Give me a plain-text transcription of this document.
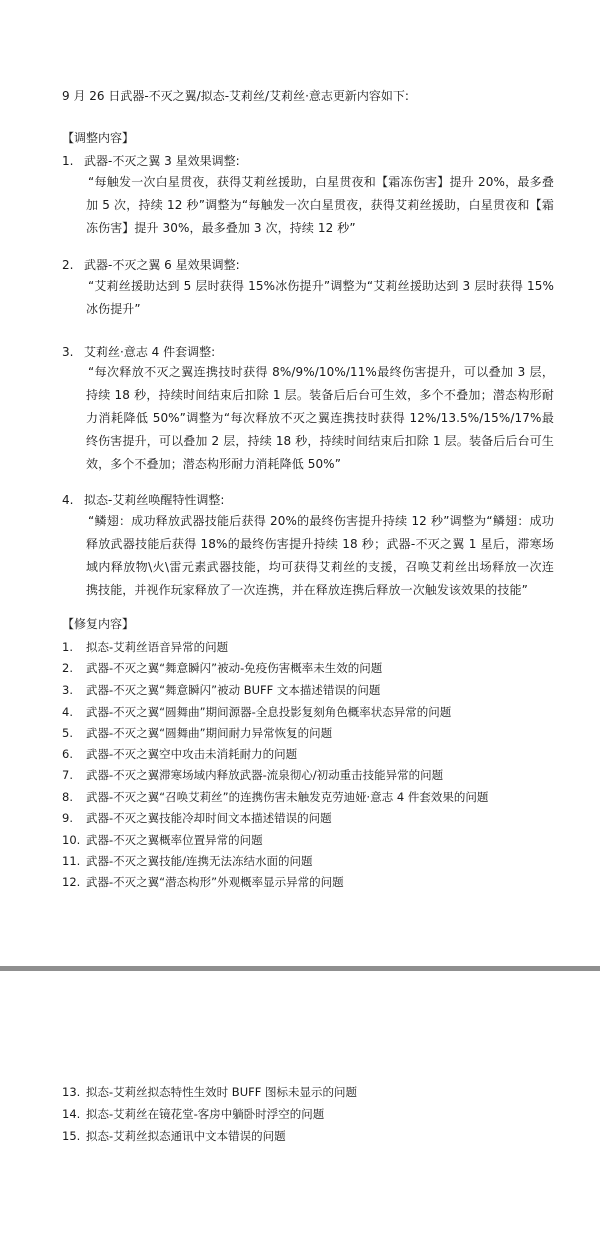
9 月 26 日武器-不灭之翼/拟态-艾莉丝/艾莉丝·意志更新内容如下:
【调整内容】
1. 武器-不灭之翼 3 星效果调整:
“每触发一次白星贯夜，获得艾莉丝援助，白星贯夜和【霜冻伤害】提升 20%，最多叠加 5 次，持续 12 秒”调整为“每触发一次白星贯夜，获得艾莉丝援助，白星贯夜和【霜冻伤害】提升 30%，最多叠加 3 次，持续 12 秒”
2. 武器-不灭之翼 6 星效果调整:
“艾莉丝援助达到 5 层时获得 15%冰伤提升”调整为“艾莉丝援助达到 3 层时获得 15%冰伤提升”
3. 艾莉丝·意志 4 件套调整:
“每次释放不灭之翼连携技时获得 8%/9%/10%/11%最终伤害提升，可以叠加 3 层，持续 18 秒，持续时间结束后扣除 1 层。装备后后台可生效，多个不叠加；潜态构形耐力消耗降低 50%”调整为“每次释放不灭之翼连携技时获得 12%/13.5%/15%/17%最终伤害提升，可以叠加 2 层，持续 18 秒，持续时间结束后扣除 1 层。装备后后台可生效，多个不叠加；潜态构形耐力消耗降低 50%”
4. 拟态-艾莉丝唤醒特性调整:
“鳞翅：成功释放武器技能后获得 20%的最终伤害提升持续 12 秒”调整为“鳞翅：成功释放武器技能后获得 18%的最终伤害提升持续 18 秒；武器-不灭之翼 1 星后，滞寒场域内释放物\火\雷元素武器技能，均可获得艾莉丝的支援，召唤艾莉丝出场释放一次连携技能，并视作玩家释放了一次连携，并在释放连携后释放一次触发该效果的技能”
【修复内容】
1. 拟态-艾莉丝语音异常的问题
2. 武器-不灭之翼“舞意瞬闪”被动-免疫伤害概率未生效的问题
3. 武器-不灭之翼“舞意瞬闪”被动 BUFF 文本描述错误的问题
4. 武器-不灭之翼“圆舞曲”期间源器-全息投影复刻角色概率状态异常的问题
5. 武器-不灭之翼“圆舞曲”期间耐力异常恢复的问题
6. 武器-不灭之翼空中攻击未消耗耐力的问题
7. 武器-不灭之翼滞寒场域内释放武器-流泉彻心/初动重击技能异常的问题
8. 武器-不灭之翼“召唤艾莉丝”的连携伤害未触发克劳迪娅·意志 4 件套效果的问题
9. 武器-不灭之翼技能冷却时间文本描述错误的问题
10. 武器-不灭之翼概率位置异常的问题
11. 武器-不灭之翼技能/连携无法冻结水面的问题
12. 武器-不灭之翼“潜态构形”外观概率显示异常的问题
13. 拟态-艾莉丝拟态特性生效时 BUFF 图标未显示的问题
14. 拟态-艾莉丝在镜花堂-客房中躺卧时浮空的问题
15. 拟态-艾莉丝拟态通讯中文本错误的问题
